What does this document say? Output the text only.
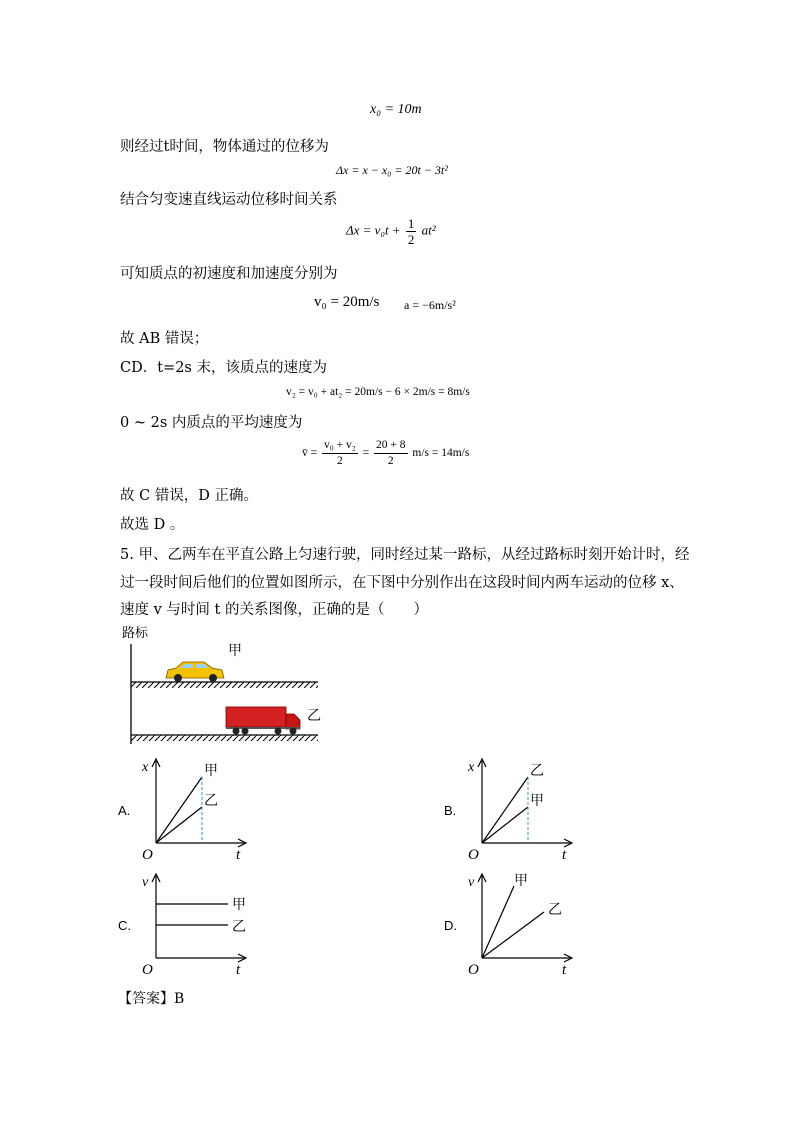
x₀ = 10m
则经过t时间，物体通过的位移为
Δx = x − x₀ = 20t − 3t²
结合匀变速直线运动位移时间关系
$\Delta x = v_0t + \frac{1}{2} at^2$
可知质点的初速度和加速度分别为
v₀ = 20m/s a = −6m/s²
故 AB 错误；
CD．t=2s 末，该质点的速度为
v₂ = v₀ + at₂ = 20m/s − 6 × 2m/s = 8m/s
0 ~ 2s 内质点的平均速度为
v̄ = $\frac{\text{v₀ + v₂}}{2} = \frac{20 + 8}{2} m/s = 14m/s$
故 C 错误，D 正确。
故选 D 。
5. 甲、乙两车在平直公路上匀速行驶，同时经过某一路标，从经过路标时刻开始计时，经
过一段时间后他们的位置如图所示，在下图中分别作出在这段时间内两车运动的位移 x、
速度 v 与时间 t 的关系图像，正确的是（　　）
路标
甲
乙
A.	B.
C.	D.
x
O	t
甲
乙
x
O	t
乙
甲
v
O	t
甲
乙
v
O	t
甲
乙
【答案】B
